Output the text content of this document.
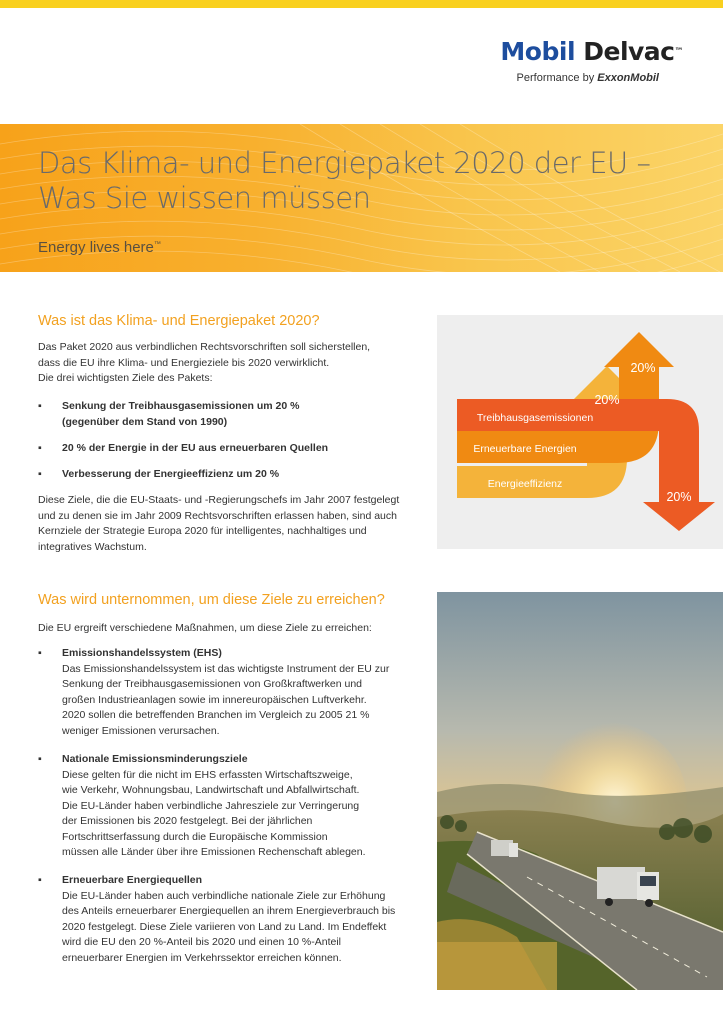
Mobil Delvac™
Performance by ExxonMobil
Das Klima- und Energiepaket 2020 der EU –
Was Sie wissen müssen
Energy lives here™
Was ist das Klima- und Energiepaket 2020?
Das Paket 2020 aus verbindlichen Rechtsvorschriften soll sicherstellen,
dass die EU ihre Klima- und Energieziele bis 2020 verwirklicht.
Die drei wichtigsten Ziele des Pakets:
▪ Senkung der Treibhausgasemissionen um 20 %
(gegenüber dem Stand von 1990)
▪ 20 % der Energie in der EU aus erneuerbaren Quellen
▪ Verbesserung der Energieeffizienz um 20 %
Diese Ziele, die die EU-Staats- und -Regierungschefs im Jahr 2007 festgelegt
und zu denen sie im Jahr 2009 Rechtsvorschriften erlassen haben, sind auch
Kernziele der Strategie Europa 2020 für intelligentes, nachhaltiges und
integratives Wachstum.
Treibhausgasemissionen
Erneuerbare Energien
Energieeffizienz
20%
20%
20%
Was wird unternommen, um diese Ziele zu erreichen?
Die EU ergreift verschiedene Maßnahmen, um diese Ziele zu erreichen:
▪ Emissionshandelssystem (EHS)
Das Emissionshandelssystem ist das wichtigste Instrument der EU zur
Senkung der Treibhausgasemissionen von Großkraftwerken und
großen Industrieanlagen sowie im innereuropäischen Luftverkehr.
2020 sollen die betreffenden Branchen im Vergleich zu 2005 21 %
weniger Emissionen verursachen.
▪ Nationale Emissionsminderungsziele
Diese gelten für die nicht im EHS erfassten Wirtschaftszweige,
wie Verkehr, Wohnungsbau, Landwirtschaft und Abfallwirtschaft.
Die EU-Länder haben verbindliche Jahresziele zur Verringerung
der Emissionen bis 2020 festgelegt. Bei der jährlichen
Fortschrittserfassung durch die Europäische Kommission
müssen alle Länder über ihre Emissionen Rechenschaft ablegen.
▪ Erneuerbare Energiequellen
Die EU-Länder haben auch verbindliche nationale Ziele zur Erhöhung
des Anteils erneuerbarer Energiequellen an ihrem Energieverbrauch bis
2020 festgelegt. Diese Ziele variieren von Land zu Land. Im Endeffekt
wird die EU den 20 %-Anteil bis 2020 und einen 10 %-Anteil
erneuerbarer Energien im Verkehrssektor erreichen können.
